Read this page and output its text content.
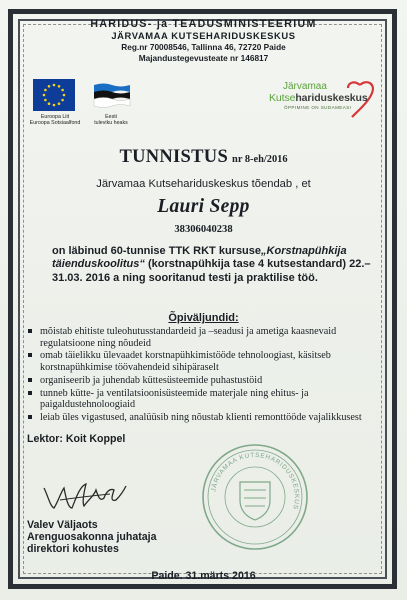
HARIDUS- ja TEADUSMINISTEERIUM
JÄRVAMAA KUTSEHARIDUSKESKUS
Reg.nr 70008546, Tallinna 46, 72720 Paide
Majandustegevusteate nr 146817
Euroopa Liit
Euroopa Sotsiaalfond
Eesti
tuleviku heaks
Järvamaa
Kutsehariduskeskus
ÕPPIMINE ON SUDAMEASI
TUNNISTUS nr 8-eh/2016
Järvamaa Kutsehariduskeskus tõendab , et
Lauri Sepp
38306040238
on läbinud 60-tunnise TTK RKT kursuse„Korstnapühkija täienduskoolitus“ (korstnapühkija tase 4 kutsestandard) 22.– 31.03. 2016 a ning sooritanud testi ja praktilise töö.
Õpiväljundid:
mõistab ehitiste tuleohutusstandardeid ja –seadusi ja ametiga kaasnevaid regulatsioone ning nõudeid
omab täielikku ülevaadet korstnapühkimistööde tehnoloogiast, käsitseb korstnapühkimise töövahendeid sihipäraselt
organiseerib ja juhendab küttesüsteemide puhastustöid
tunneb kütte- ja ventilatsioonisüsteemide materjale ning ehitus- ja paigaldustehnoloogiaid
leiab üles vigastused, analüüsib ning nõustab klienti remonttööde vajalikkusest
Lektor: Koit Koppel
Valev Väljaots
Arenguosakonna juhataja
direktori kohustes
JÄRVAMAA KUTSEHARIDUSKESKUS
Paide. 31.märts 2016
